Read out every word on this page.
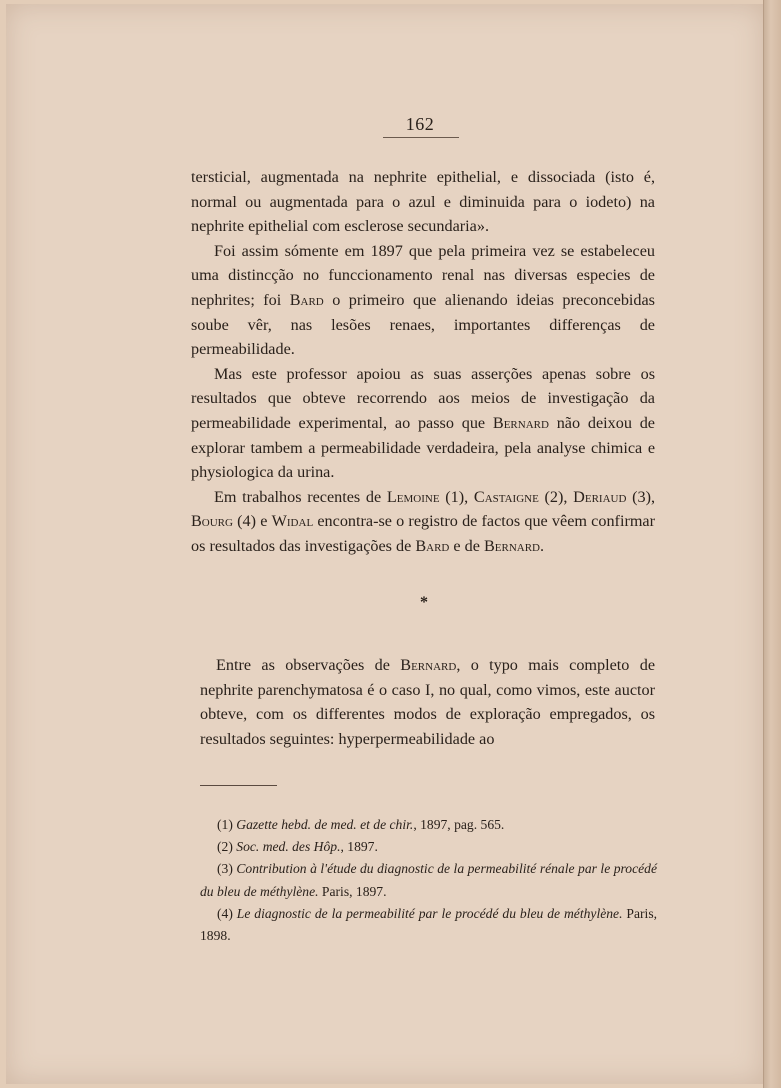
162

tersticial, augmentada na nephrite epithelial, e dissociada (isto é, normal ou augmentada para o azul e diminuida para o iodeto) na nephrite epithelial com esclerose secundaria».

Foi assim sómente em 1897 que pela primeira vez se estabeleceu uma distincção no funccionamento renal nas diversas especies de nephrites; foi Bard o primeiro que alienando ideias preconcebidas soube vêr, nas lesões renaes, importantes differenças de permeabilidade.

Mas este professor apoiou as suas asserções apenas sobre os resultados que obteve recorrendo aos meios de investigação da permeabilidade experimental, ao passo que Bernard não deixou de explorar tambem a permeabilidade verdadeira, pela analyse chimica e physiologica da urina.

Em trabalhos recentes de Lemoine (1), Castaigne (2), Deriaud (3), Bourg (4) e Widal encontra-se o registro de factos que vêem confirmar os resultados das investigações de Bard e de Bernard.

*

Entre as observações de Bernard, o typo mais completo de nephrite parenchymatosa é o caso I, no qual, como vimos, este auctor obteve, com os differentes modos de exploração empregados, os resultados seguintes: hyperpermeabilidade ao

(1) Gazette hebd. de med. et de chir., 1897, pag. 565.

(2) Soc. med. des Hôp., 1897.

(3) Contribution à l'étude du diagnostic de la permeabilité rénale par le procédé du bleu de méthylène. Paris, 1897.

(4) Le diagnostic de la permeabilité par le procédé du bleu de méthylène. Paris, 1898.
